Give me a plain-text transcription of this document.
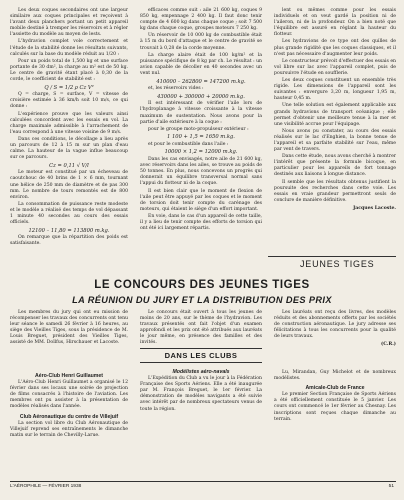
Les deux coques secondaires ont une largeur similaire aux coques principales et reçoivent à l'avant deux planchers portant un petit appareil mobile destiné à tremper les réservoirs et à régler l'assiette du modèle au moyen de lests.

L'hydravion complet vole correctement et l'étude de la stabilité donne les résultats suivants, calculés sur la base du modèle réduit au 1/20 :

Pour un poids total de 1,500 kg et une surface portante de 30 dm², la charge au m² est de 50 kg. Le centre de gravité étant placé à 0,30 de la corde, le coefficient de stabilité est :

Q / S = 1/2 ρ Cz V²

Q = charge, S = surface, V = vitesse de croisière estimée à 36 km/h soit 10 m/s, ce qui donne :

L'expérience prouve que les valeurs ainsi calculées concordent avec les essais en vol. La charge maximale admissible à l'arrachement de l'eau correspond à une vitesse voisine de 9 m/s.

Dans ces conditions, le décollage a lieu après un parcours de 12 à 15 m sur un plan d'eau calme. La hauteur de la vague influe beaucoup sur ce parcours.

Cz = 0,11 √ V/l

Le moteur est constitué par un écheveau de caoutchouc de 40 brins de 1 × 6 mm, tournant une hélice de 250 mm de diamètre et de pas 300 mm. Le nombre de tours remontés est de 800 environ.

La consommation de puissance reste modeste et le modèle a réalisé des temps de vol dépassant 1 minute 40 secondes au cours des essais officiels.

12100 – 11,80 = 113800 m.kg.

On remarque que la répartition des poids est satisfaisante.

efficaces comme suit : aile 21 600 kg, coques 9 850 kg, empennage 2 400 kg. Il faut donc tenir compte de 4 600 kg dans chaque coque ; soit 7 500 kg dans chaque coque, groupes moteurs 7 250 kg.

Un réservoir de 10 000 kg de combustible était à 15 m du bord d'attaque et le centre de gravité se trouvait à 0,28 de la corde moyenne.

La charge alaire était de 100 kg/m² et la puissance spécifique de 8 kg par ch. Le résultat : un avion capable de décoller en 40 secondes avec un vent nul.

410000 – 262800 = 147200 m.kg.

et, les réservoirs vides :

430000 + 300000 + 20000 m.kg.

Il est intéressant de vérifier l'aile lors de l'hydroplanage à vitesse croissante à la vitesse maximum de sustentation. Nous avons pour la partie d'aile extérieure à la coque :

pour le groupe moto-propulseur extérieur :

1 100 + 1,5 = 1650 m.kg.

et pour le combustible dans l'aile :

10000 × 1,2 = 12000 m.kg.

Dans les cas envisagés, notre aile de 21 600 kg, avec réservoirs dans les ailes, se trouve au poids de 50 tonnes. En plus, nous concevons un progrès qui donnerait un équilibre transversal normal sans l'appui du flotteur ni de la coque.

Il est bien clair que le moment de flexion de l'aile peut être appuyé par les coques et le moment de torsion doit tenir compte du carénage des moteurs, qui étaient le siège d'un effort important.

En voie, dans le cas d'un appareil de cette taille, il y a lieu de tenir compte des efforts de torsion qui ont été ici largement répartis.

lent ou mêmes comme pour les essais individuels et on veut gardé la position ni de l'aileron, ni de la profondeur. On a bien noté que l'équilibre est assuré en réglant la hauteur du flotteur.

Les hydravions de ce type ont des quilles de plus grande rigidité que les coques classiques, et il n'est pas nécessaire d'augmenter leur poids.

Le constructeur prévoit d'effectuer des essais en vol libre sur lac avec l'appareil complet, puis de poursuivre l'étude en soufflerie.

Les deux coques constituent un ensemble très rigide. Les dimensions de l'appareil sont les suivantes : envergure 3,20 m, longueur 1,95 m, hauteur 0,45 m.

Une telle solution est également applicable aux grands hydravions de transport océanique ; elle permet d'obtenir une meilleure tenue à la mer et une visibilité accrue pour l'équipage.

Nous avons pu constater, au cours des essais réalisés sur le lac d'Enghien, la bonne tenue de l'appareil et sa parfaite stabilité sur l'eau, même par vent de travers.

Dans cette étude, nous avons cherché à montrer l'intérêt que présente la formule bicoque, en particulier pour les appareils de fort tonnage destinés aux liaisons à longue distance.

Il semble que les résultats obtenus justifient la poursuite des recherches dans cette voie. Les essais en vraie grandeur permettront seuls de conclure de manière définitive.

Jacques Lacoste.
JEUNES TIGES
LE CONCOURS DES JEUNES TIGES
LA RÉUNION DU JURY ET LA DISTRIBUTION DES PRIX

Les membres du jury qui ont eu mission de récompenser les travaux des concurrents ont tenu leur séance le samedi 26 février à 16 heures, au siège des Vieilles Tiges, sous la présidence de M. Louis Breguet, président des Vieilles Tiges, assisté de MM. Dollfus, Hirschauer et Lacoste.

Le concours était ouvert à tous les jeunes de moins de 20 ans, sur le thème de l'hydravion. Les travaux présentés ont fait l'objet d'un examen approfondi et les prix ont été attribués aux lauréats le jour même, en présence des familles et des invités.

Les lauréats ont reçu des livres, des modèles réduits et des abonnements offerts par les sociétés de construction aéronautique. Le jury adresse ses félicitations à tous les concurrents pour la qualité de leurs travaux.

(C.R.)
DANS LES CLUBS
Aéro-Club Henri Guillaumet

L'Aéro-Club Henri Guillaumet a organisé le 12 février dans ses locaux une soirée de projection de films consacrés à l'histoire de l'aviation. Les membres ont pu assister à la présentation de modèles réalisés dans l'année.

Club Aéronautique du centre de Villejuif

La section vol libre du Club Aéronautique de Villejuif reprend ses entraînements le dimanche matin sur le terrain de Chevilly-Larue.

Modélistes aéro-navals

L'Expédition du Club a vu le jour à la Fédération Française des Sports Aériens. Elle a été inaugurée par M. François Breguet, le 1er février. La démonstration de modèles navigants a été suivie avec intérêt par de nombreux spectateurs venus de toute la région.

Lu, Mirandan, Guy Michelot et de nombreux modélistes.

Amicale-Club de France

Le premier Section Française de Sports Aériens a été officiellement constituée le 5 janvier. Les cours ont commencé le 1er février au Chesnay. Les inscriptions sont reçues chaque dimanche au terrain.

L'AÉROPHILE — FÉVRIER 1938	51
